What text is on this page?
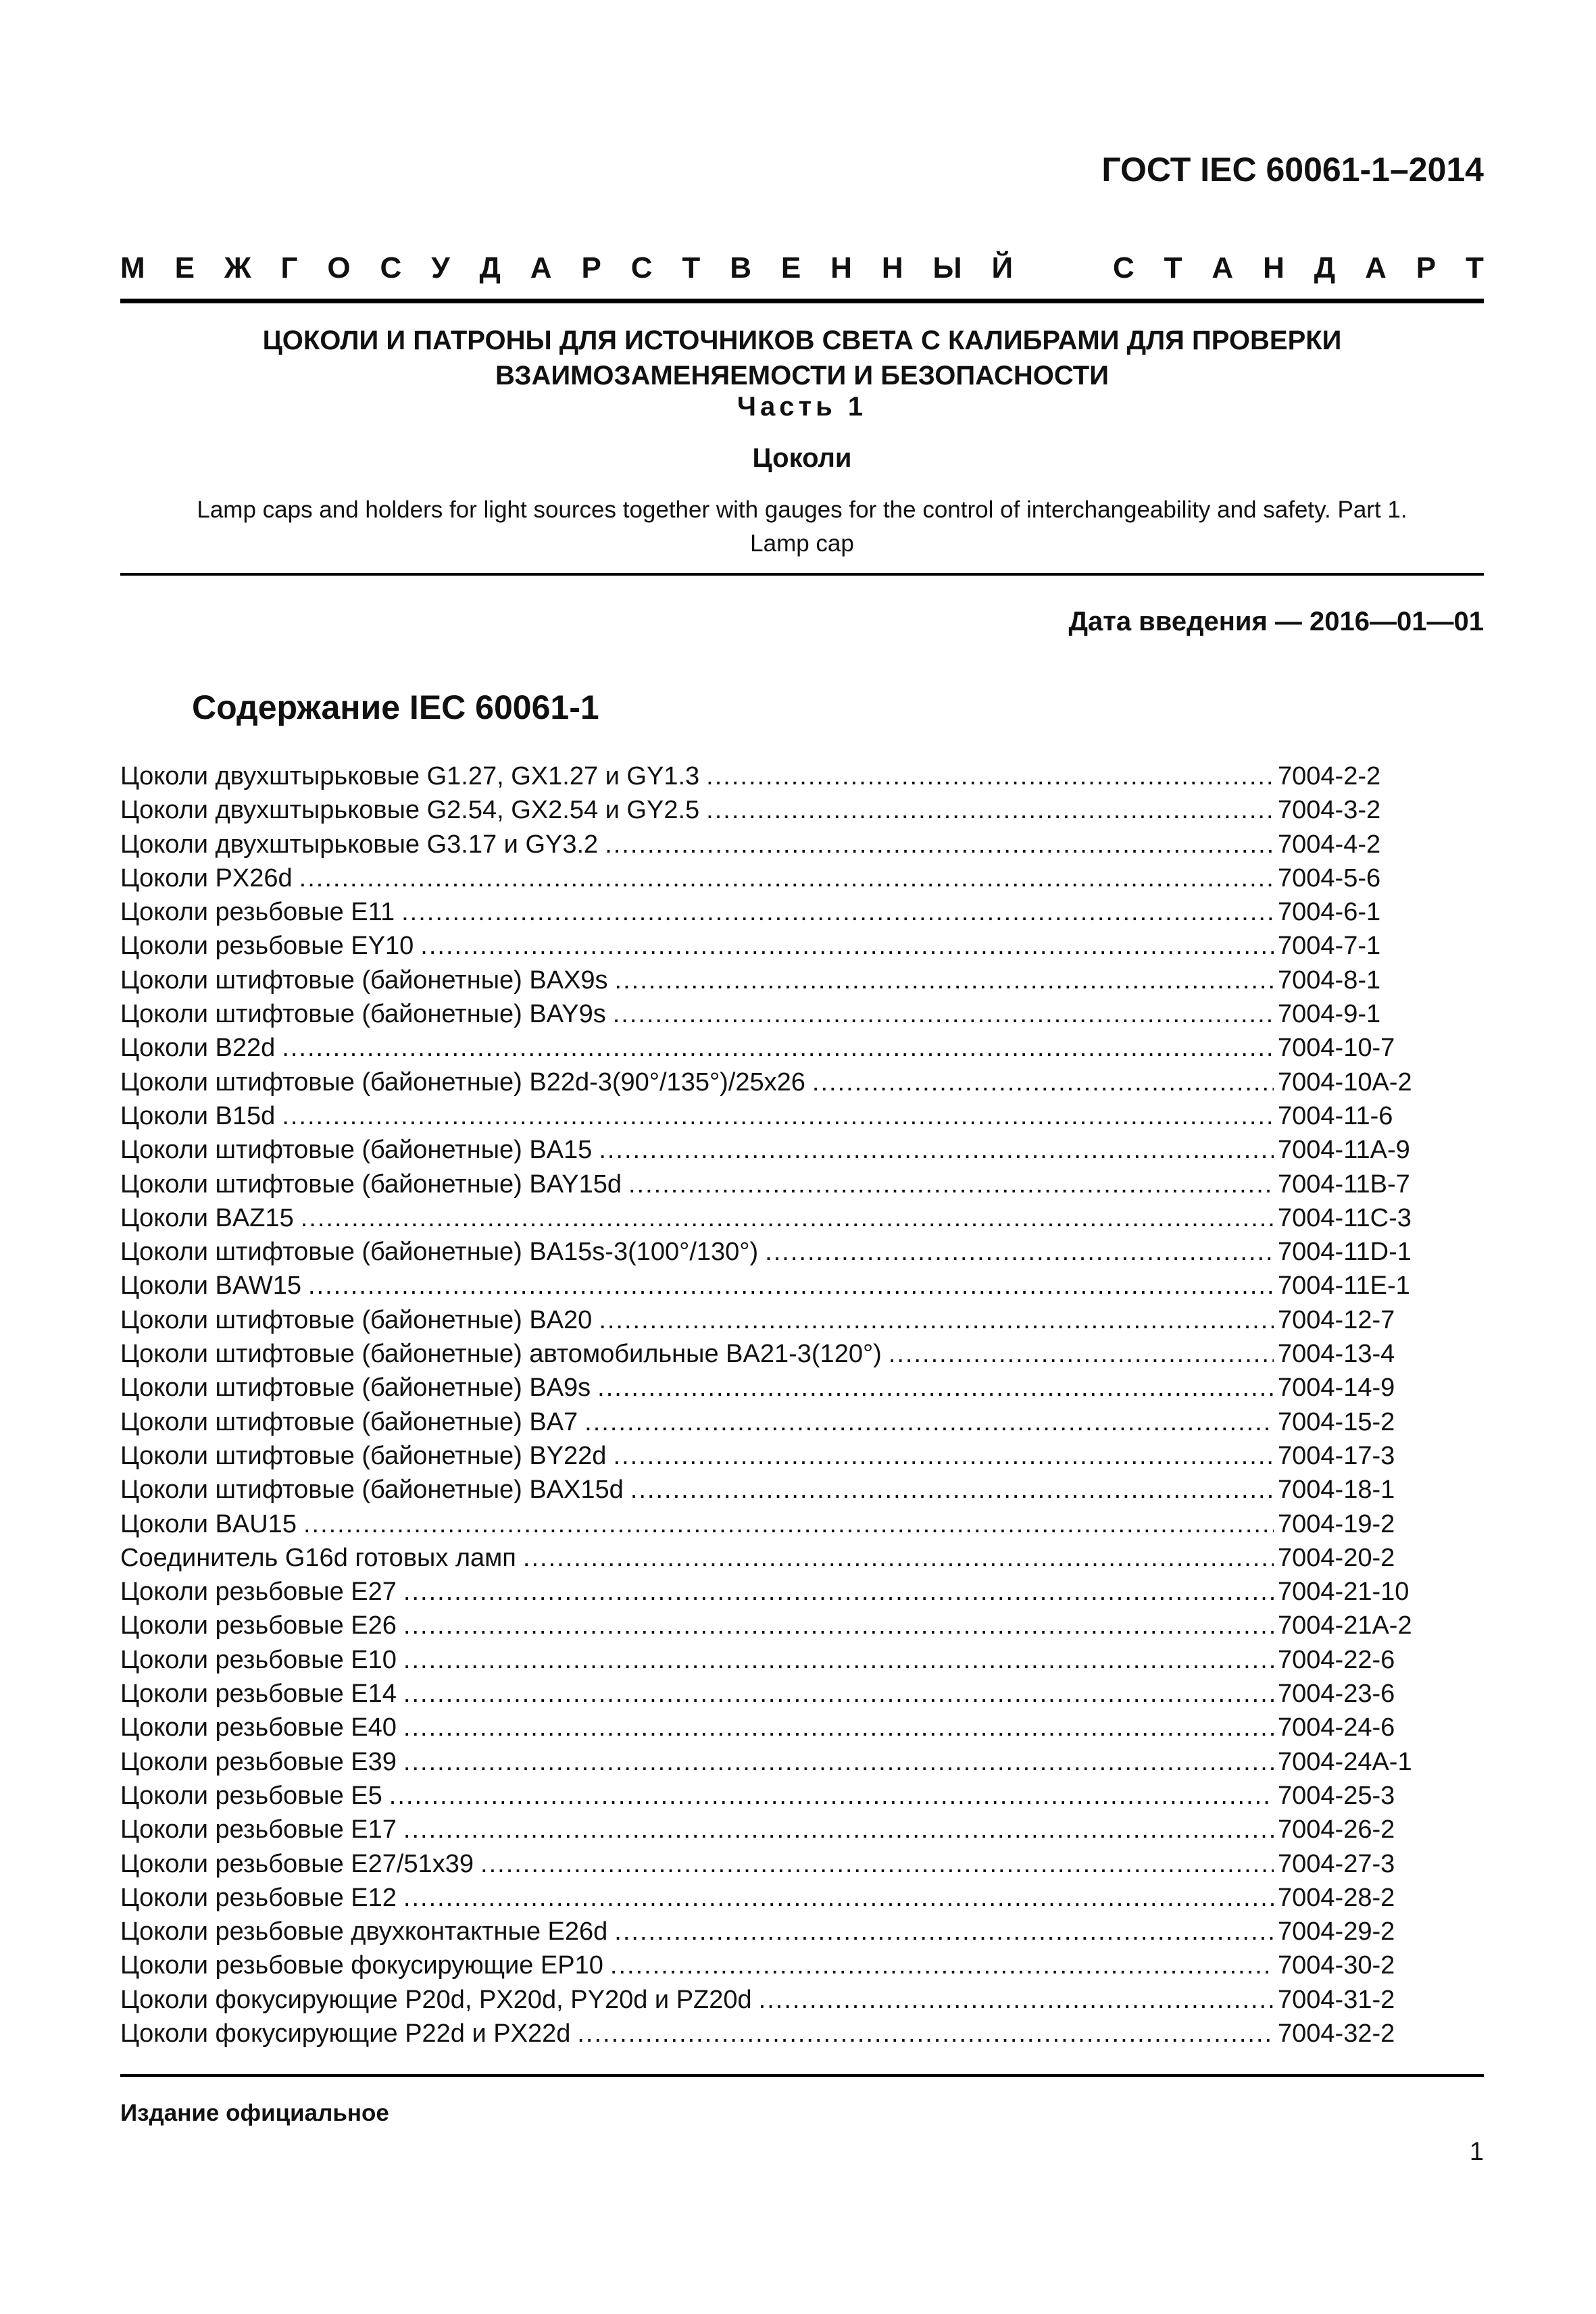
ГОСТ IEC 60061-1–2014
М Е Ж Г О С У Д А Р С Т В Е Н Н Ы Й	С Т А Н Д А Р Т
ЦОКОЛИ И ПАТРОНЫ ДЛЯ ИСТОЧНИКОВ СВЕТА С КАЛИБРАМИ ДЛЯ ПРОВЕРКИ
ВЗАИМОЗАМЕНЯЕМОСТИ И БЕЗОПАСНОСТИ
Часть 1
Цоколи
Lamp caps and holders for light sources together with gauges for the control of interchangeability and safety. Part 1.
Lamp cap
Дата введения — 2016—01—01
Содержание IEC 60061-1
Цоколи двухштырьковые G1.27, GX1.27 и GY1.3 .....	7004-2-2
Цоколи двухштырьковые G2.54, GX2.54 и GY2.5 .....	7004-3-2
Цоколи двухштырьковые G3.17 и GY3.2 .....	7004-4-2
Цоколи PX26d .....	7004-5-6
Цоколи резьбовые E11 .....	7004-6-1
Цоколи резьбовые EY10 .....	7004-7-1
Цоколи штифтовые (байонетные) BAX9s .....	7004-8-1
Цоколи штифтовые (байонетные) BAY9s .....	7004-9-1
Цоколи B22d .....	7004-10-7
Цоколи штифтовые (байонетные) B22d-3(90°/135°)/25x26 .....	7004-10A-2
Цоколи B15d .....	7004-11-6
Цоколи штифтовые (байонетные) BA15 .....	7004-11A-9
Цоколи штифтовые (байонетные) BAY15d .....	7004-11B-7
Цоколи BAZ15 .....	7004-11C-3
Цоколи штифтовые (байонетные) BA15s-3(100°/130°) .....	7004-11D-1
Цоколи BAW15 .....	7004-11E-1
Цоколи штифтовые (байонетные) BA20 .....	7004-12-7
Цоколи штифтовые (байонетные) автомобильные BA21-3(120°) .....	7004-13-4
Цоколи штифтовые (байонетные) BA9s .....	7004-14-9
Цоколи штифтовые (байонетные) BA7 .....	7004-15-2
Цоколи штифтовые (байонетные) BY22d .....	7004-17-3
Цоколи штифтовые (байонетные) BAX15d .....	7004-18-1
Цоколи BAU15 .....	7004-19-2
Соединитель G16d готовых ламп .....	7004-20-2
Цоколи резьбовые E27 .....	7004-21-10
Цоколи резьбовые E26 .....	7004-21A-2
Цоколи резьбовые E10 .....	7004-22-6
Цоколи резьбовые E14 .....	7004-23-6
Цоколи резьбовые E40 .....	7004-24-6
Цоколи резьбовые E39 .....	7004-24A-1
Цоколи резьбовые E5 .....	7004-25-3
Цоколи резьбовые E17 .....	7004-26-2
Цоколи резьбовые E27/51x39 .....	7004-27-3
Цоколи резьбовые E12 .....	7004-28-2
Цоколи резьбовые двухконтактные E26d .....	7004-29-2
Цоколи резьбовые фокусирующие EP10 .....	7004-30-2
Цоколи фокусирующие P20d, PX20d, PY20d и PZ20d .....	7004-31-2
Цоколи фокусирующие P22d и PX22d .....	7004-32-2
Издание официальное
1
